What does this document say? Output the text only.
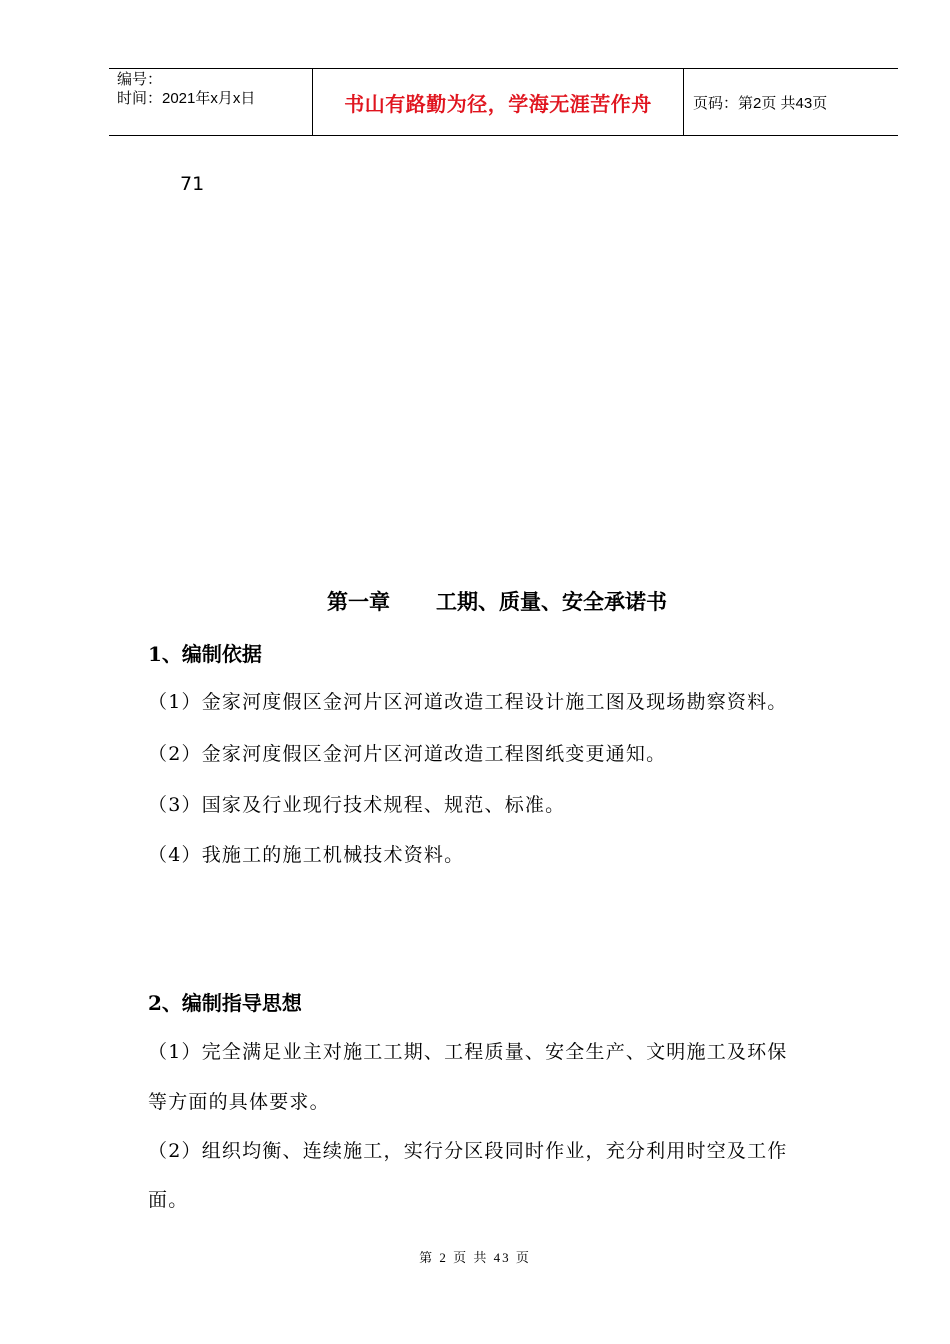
编号：
时间：2021年x月x日	书山有路勤为径，学海无涯苦作舟	页码：第2页 共43页
71
第一章 工期、质量、安全承诺书
1、编制依据
（1）金家河度假区金河片区河道改造工程设计施工图及现场勘察资料。
（2）金家河度假区金河片区河道改造工程图纸变更通知。
（3）国家及行业现行技术规程、规范、标准。
（4）我施工的施工机械技术资料。
2、编制指导思想
（1）完全满足业主对施工工期、工程质量、安全生产、文明施工及环保
等方面的具体要求。
（2）组织均衡、连续施工，实行分区段同时作业，充分利用时空及工作
面。
第 2 页 共 43 页
